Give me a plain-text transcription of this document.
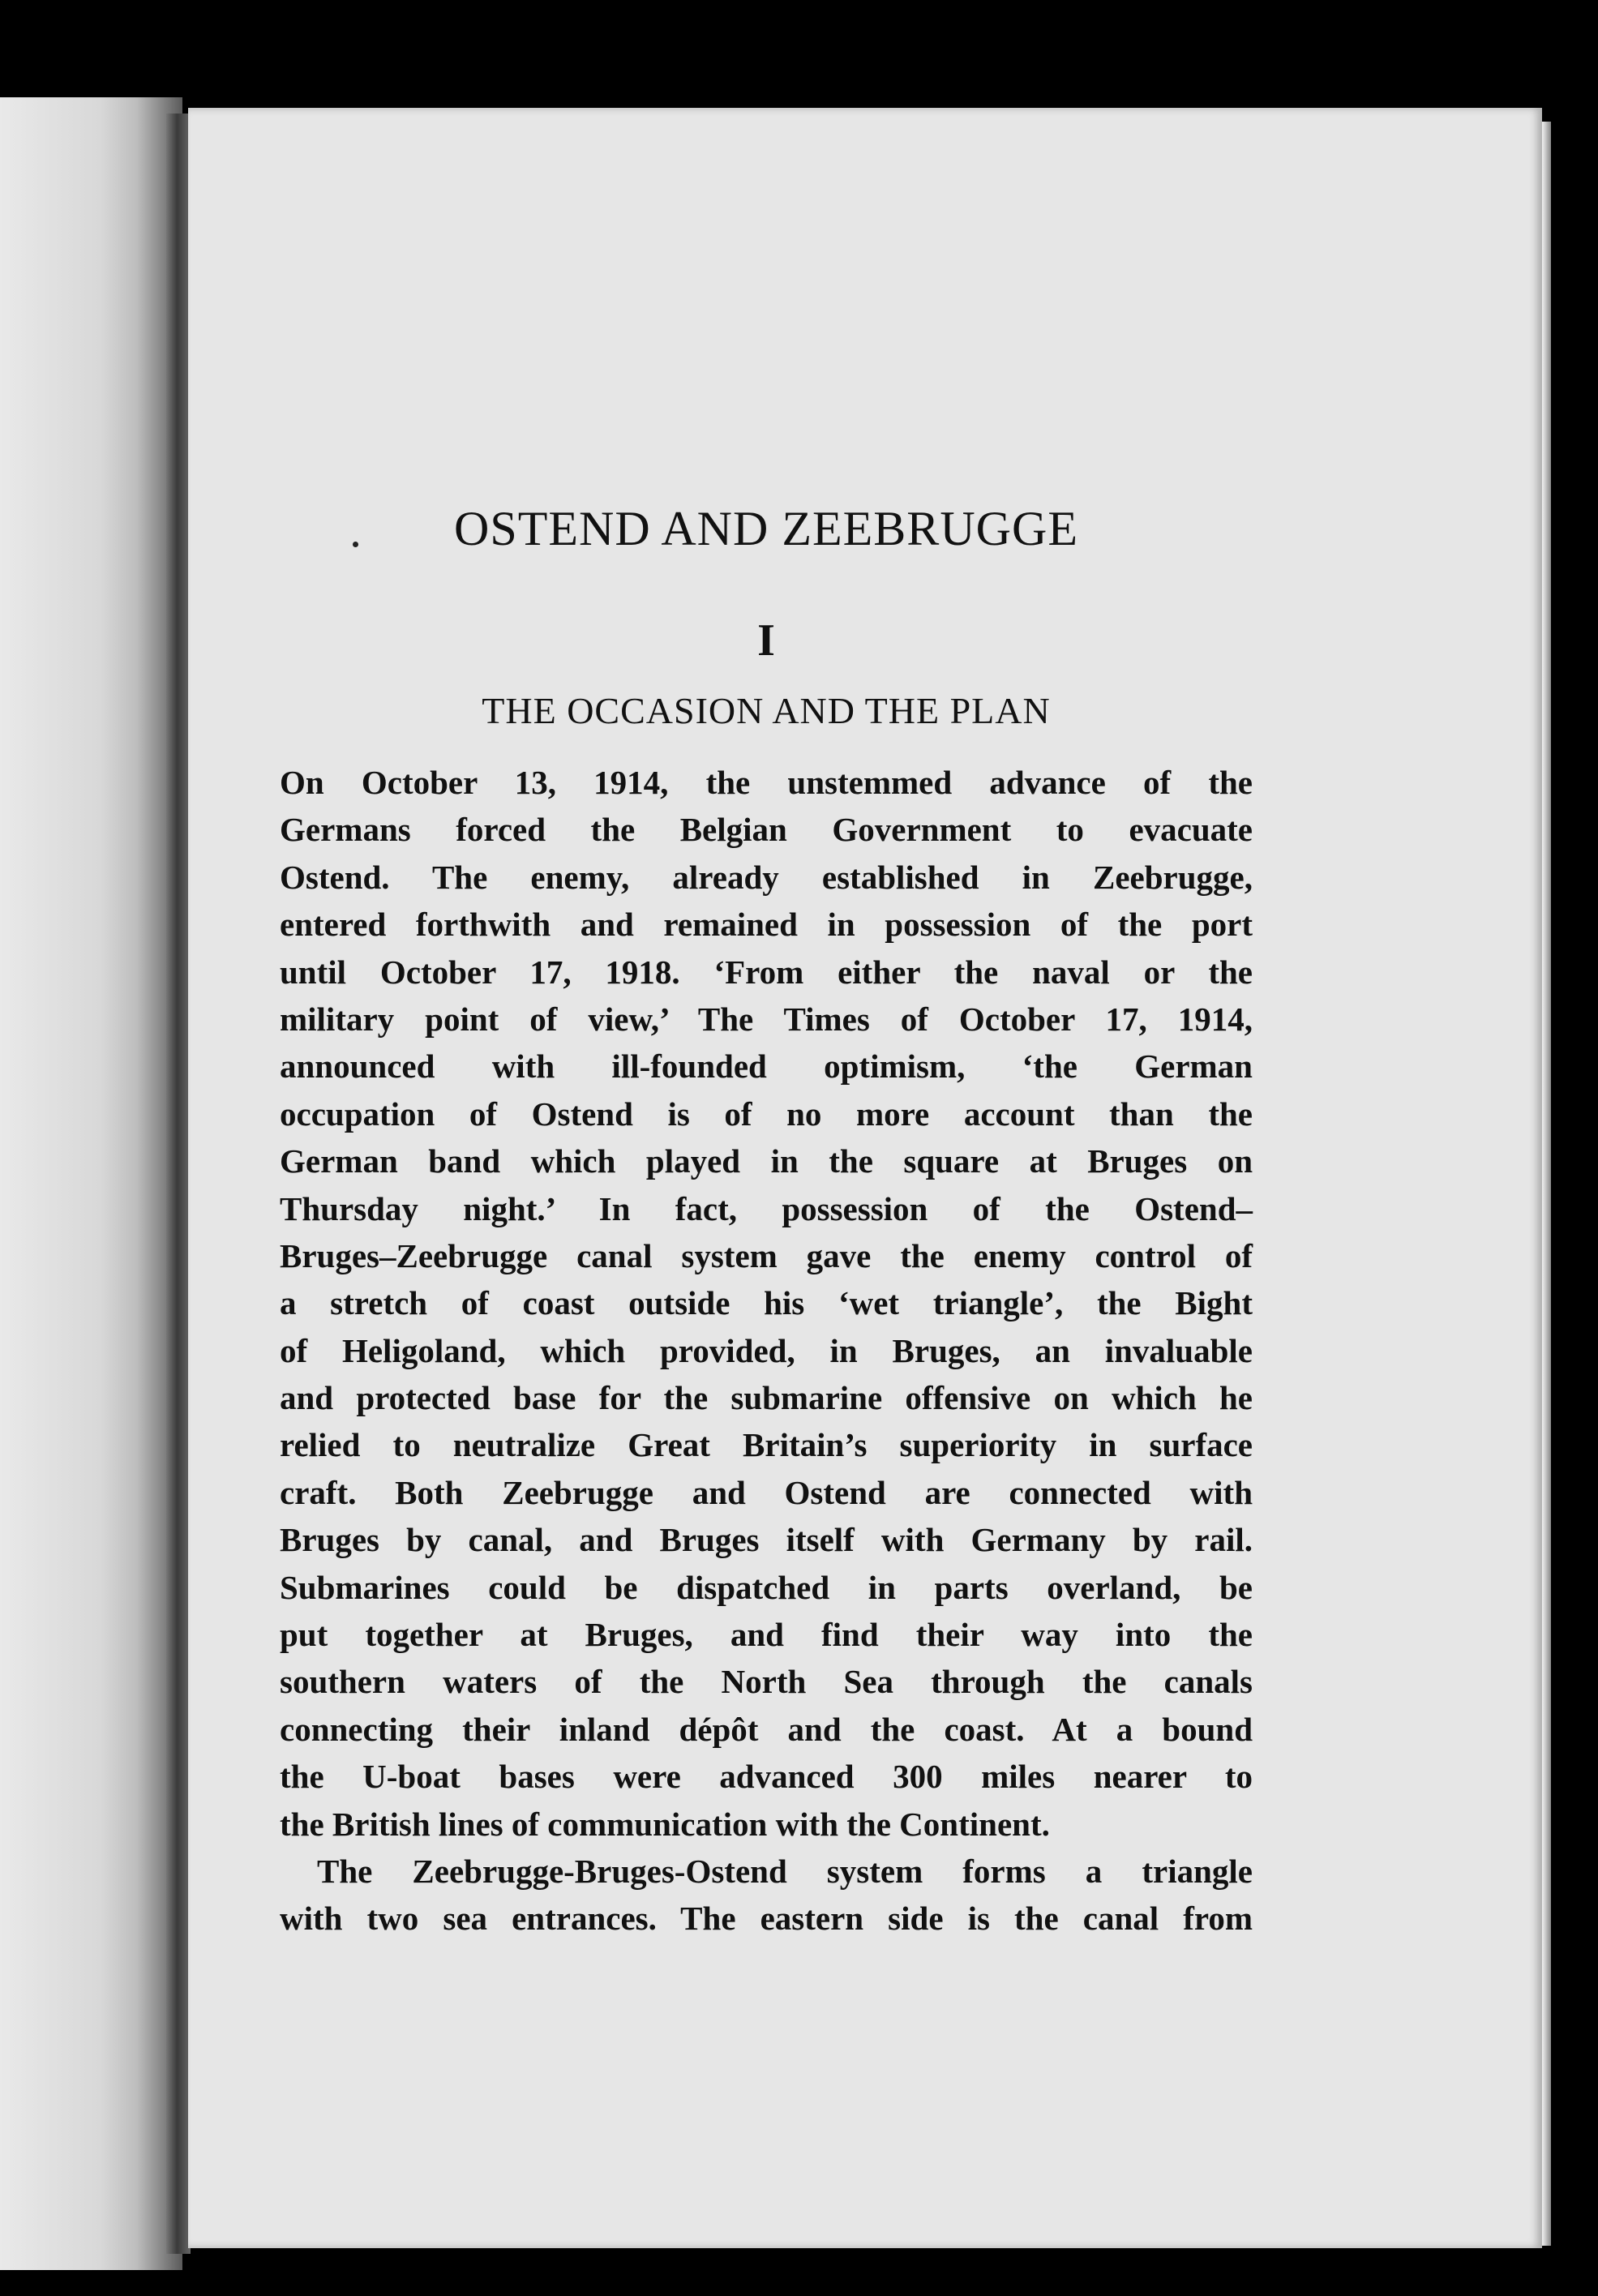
OSTEND AND ZEEBRUGGE
I
THE OCCASION AND THE PLAN
On October 13, 1914, the unstemmed advance of the
Germans forced the Belgian Government to evacuate
Ostend. The enemy, already established in Zeebrugge,
entered forthwith and remained in possession of the port
until October 17, 1918. ‘From either the naval or the
military point of view,’ The Times of October 17, 1914,
announced with ill-founded optimism, ‘the German
occupation of Ostend is of no more account than the
German band which played in the square at Bruges on
Thursday night.’ In fact, possession of the Ostend–
Bruges–Zeebrugge canal system gave the enemy control of
a stretch of coast outside his ‘wet triangle’, the Bight
of Heligoland, which provided, in Bruges, an invaluable
and protected base for the submarine offensive on which he
relied to neutralize Great Britain’s superiority in surface
craft. Both Zeebrugge and Ostend are connected with
Bruges by canal, and Bruges itself with Germany by rail.
Submarines could be dispatched in parts overland, be
put together at Bruges, and find their way into the
southern waters of the North Sea through the canals
connecting their inland dépôt and the coast. At a bound
the U-boat bases were advanced 300 miles nearer to
the British lines of communication with the Continent.
The Zeebrugge-Bruges-Ostend system forms a triangle
with two sea entrances. The eastern side is the canal from
